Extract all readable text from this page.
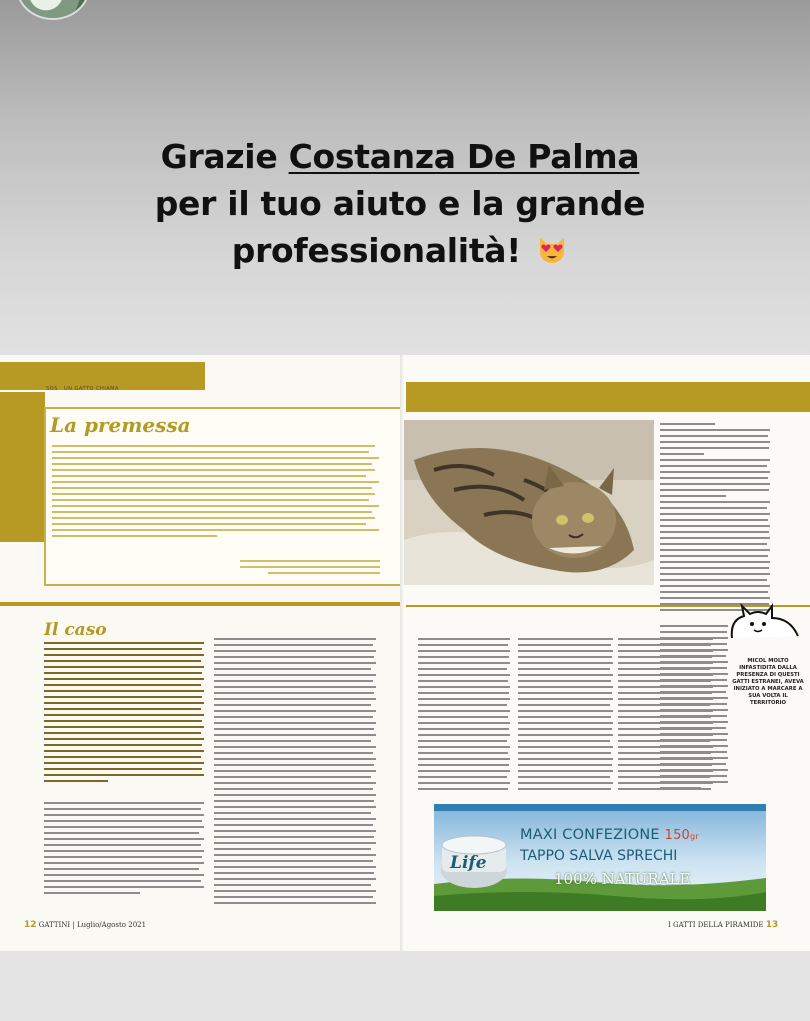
Grazie Costanza De Palma per il tuo aiuto e la grande professionalità!
SOS · UN GATTO CHIAMA
La premessa
Il caso
12 GATTINI | Luglio/Agosto 2021	I GATTI DELLA PIRAMIDE 13
MICOL MOLTO INFASTIDITA DALLA PRESENZA DI QUESTI GATTI ESTRANEI, AVEVA INIZIATO A MARCARE A SUA VOLTA IL TERRITORIO
Life
MAXI CONFEZIONE 150gr
TAPPO SALVA SPRECHI
100% NATURALE
